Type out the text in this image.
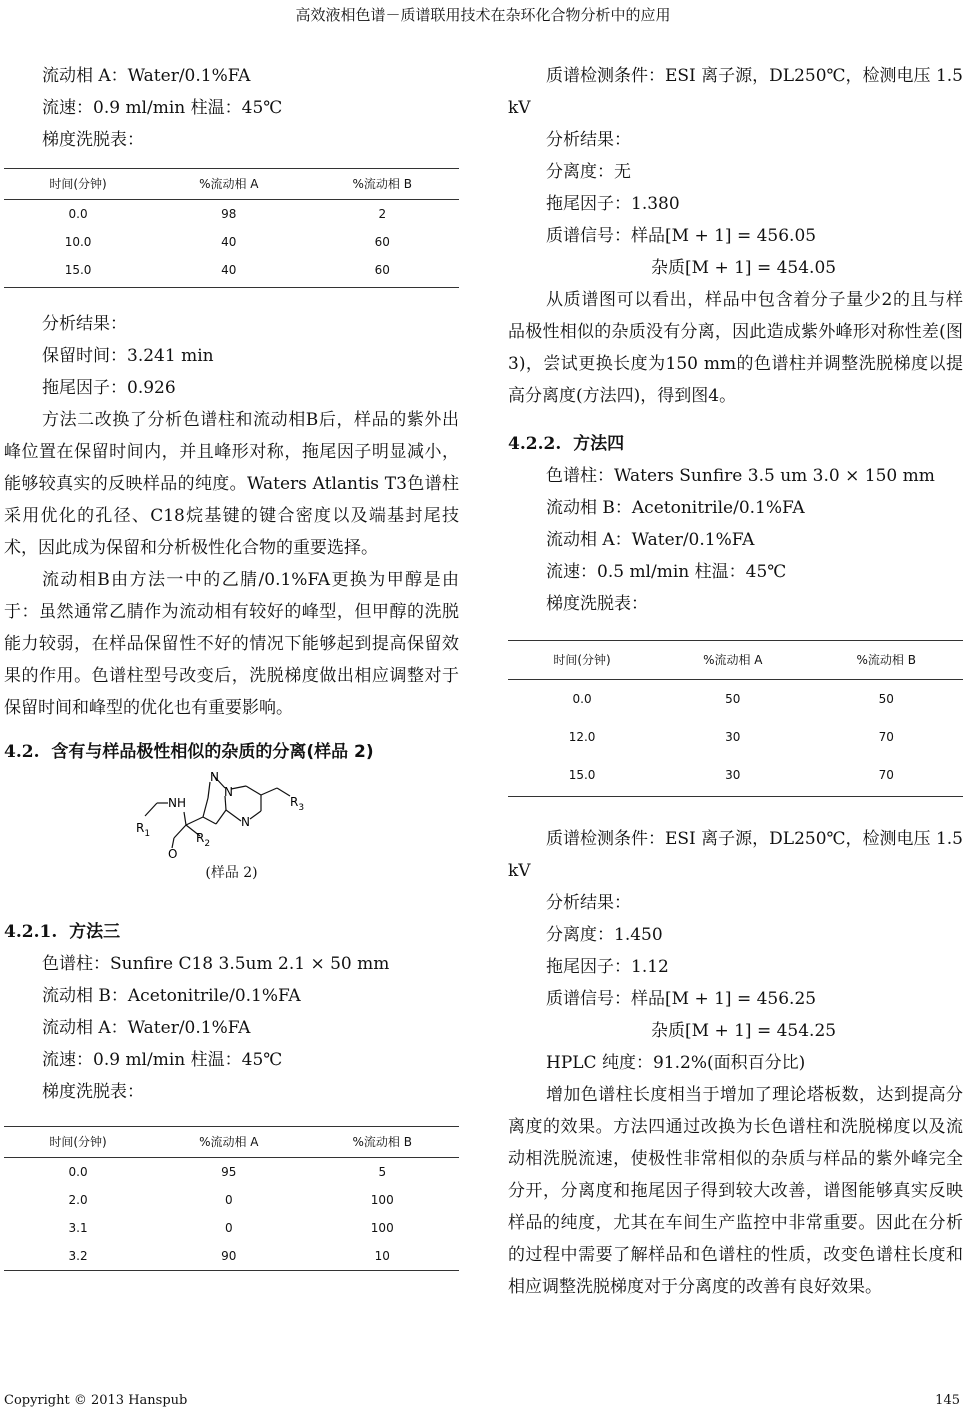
高效液相色谱－质谱联用技术在杂环化合物分析中的应用

流动相 A：Water/0.1%FA

流速：0.9 ml/min 柱温：45℃

梯度洗脱表：

时间(分钟)	%流动相 A	%流动相 B
0.0	98	2
10.0	40	60
15.0	40	60

分析结果：

保留时间：3.241 min

拖尾因子：0.926

方法二改换了分析色谱柱和流动相B后，样品的紫外出峰位置在保留时间内，并且峰形对称，拖尾因子明显减小，能够较真实的反映样品的纯度。Waters Atlantis T3色谱柱采用优化的孔径、C18烷基键的键合密度以及端基封尾技术，因此成为保留和分析极性化合物的重要选择。

流动相B由方法一中的乙腈/0.1%FA更换为甲醇是由于：虽然通常乙腈作为流动相有较好的峰型，但甲醇的洗脱能力较弱，在样品保留性不好的情况下能够起到提高保留效果的作用。色谱柱型号改变后，洗脱梯度做出相应调整对于保留时间和峰型的优化也有重要影响。

4.2. 含有与样品极性相似的杂质的分离(样品 2)
N
N
N
NH
O
$R_1$	$R_2$
$R_3$
(样品 2)
4.2.1. 方法三

色谱柱：Sunfire C18 3.5um 2.1 × 50 mm

流动相 B：Acetonitrile/0.1%FA

流动相 A：Water/0.1%FA

流速：0.9 ml/min 柱温：45℃

梯度洗脱表：

时间(分钟)	%流动相 A	%流动相 B
0.0	95	5
2.0	0	100
3.1	0	100
3.2	90	10

质谱检测条件：ESI 离子源，DL250℃，检测电压 1.5 kV

分析结果：

分离度：无

拖尾因子：1.380

质谱信号：样品[M + 1] = 456.05

杂质[M + 1] = 454.05

从质谱图可以看出，样品中包含着分子量少2的且与样品极性相似的杂质没有分离，因此造成紫外峰形对称性差(图3)，尝试更换长度为150 mm的色谱柱并调整洗脱梯度以提高分离度(方法四)，得到图4。

4.2.2. 方法四

色谱柱：Waters Sunfire 3.5 um 3.0 × 150 mm

流动相 B：Acetonitrile/0.1%FA

流动相 A：Water/0.1%FA

流速：0.5 ml/min 柱温：45℃

梯度洗脱表：

时间(分钟)	%流动相 A	%流动相 B
0.0	50	50
12.0	30	70
15.0	30	70

质谱检测条件：ESI 离子源，DL250℃，检测电压 1.5 kV

分析结果：

分离度：1.450

拖尾因子：1.12

质谱信号：样品[M + 1] = 456.25

杂质[M + 1] = 454.25

HPLC 纯度：91.2%(面积百分比)

增加色谱柱长度相当于增加了理论塔板数，达到提高分离度的效果。方法四通过改换为长色谱柱和洗脱梯度以及流动相洗脱流速，使极性非常相似的杂质与样品的紫外峰完全分开，分离度和拖尾因子得到较大改善，谱图能够真实反映样品的纯度，尤其在车间生产监控中非常重要。因此在分析的过程中需要了解样品和色谱柱的性质，改变色谱柱长度和相应调整洗脱梯度对于分离度的改善有良好效果。

Copyright © 2013 Hanspub	145
